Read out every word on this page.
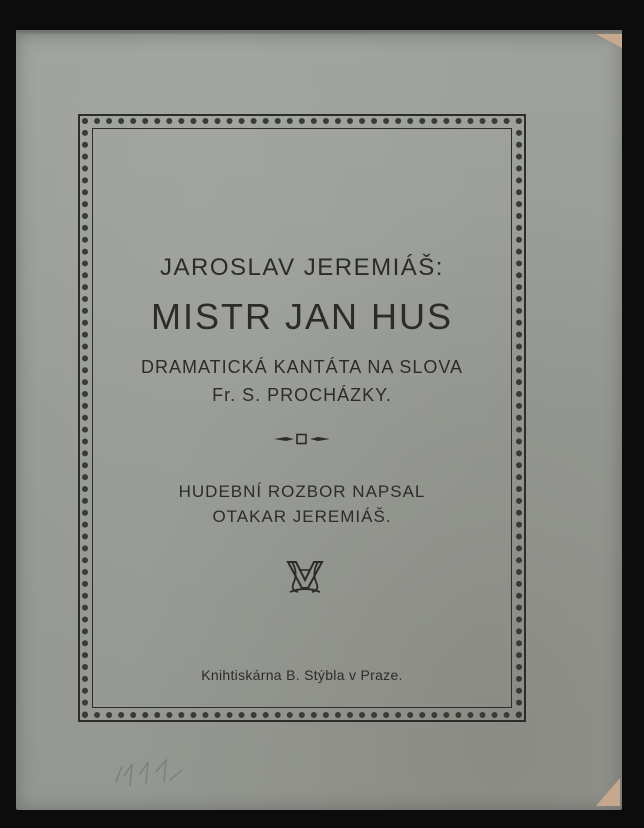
JAROSLAV JEREMIÁŠ:
MISTR JAN HUS
DRAMATICKÁ KANTÁTA NA SLOVA
Fr. S. PROCHÁZKY.
HUDEBNÍ ROZBOR NAPSAL
OTAKAR JEREMIÁŠ.
Knihtiskárna B. Stýbla v Praze.
